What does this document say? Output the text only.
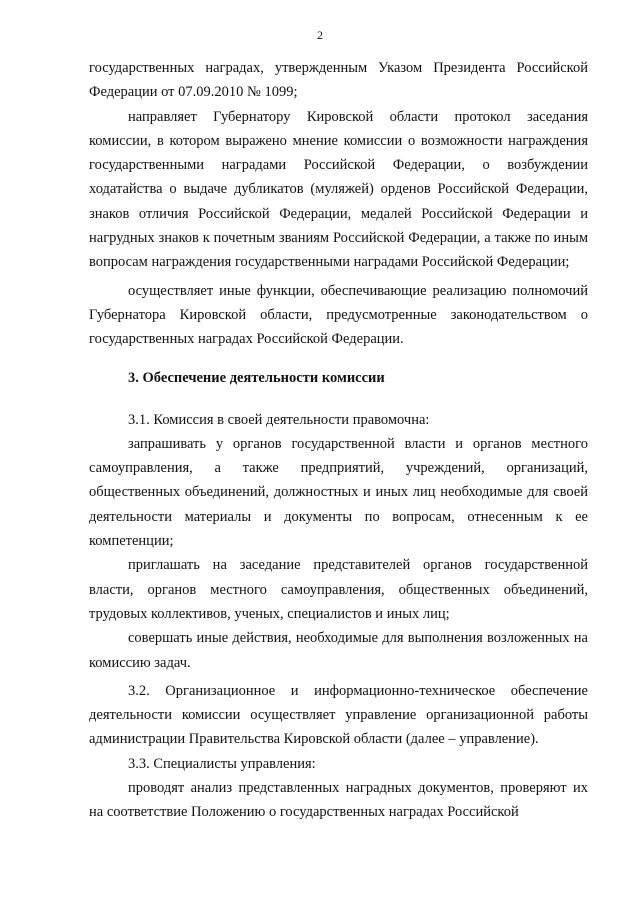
2

государственных наградах, утвержденным Указом Президента Российской Федерации от 07.09.2010 № 1099;

направляет Губернатору Кировской области протокол заседания комиссии, в котором выражено мнение комиссии о возможности награждения государственными наградами Российской Федерации, о возбуждении ходатайства о выдаче дубликатов (муляжей) орденов Российской Федерации, знаков отличия Российской Федерации, медалей Российской Федерации и нагрудных знаков к почетным званиям Российской Федерации, а также по иным вопросам награждения государственными наградами Российской Федерации;

осуществляет иные функции, обеспечивающие реализацию полномочий Губернатора Кировской области, предусмотренные законодательством о государственных наградах Российской Федерации.

3. Обеспечение деятельности комиссии

3.1. Комиссия в своей деятельности правомочна:

запрашивать у органов государственной власти и органов местного самоуправления, а также предприятий, учреждений, организаций, общественных объединений, должностных и иных лиц необходимые для своей деятельности материалы и документы по вопросам, отнесенным к ее компетенции;

приглашать на заседание представителей органов государственной власти, органов местного самоуправления, общественных объединений, трудовых коллективов, ученых, специалистов и иных лиц;

совершать иные действия, необходимые для выполнения возложенных на комиссию задач.

3.2. Организационное и информационно-техническое обеспечение деятельности комиссии осуществляет управление организационной работы администрации Правительства Кировской области (далее – управление).

3.3. Специалисты управления:

проводят анализ представленных наградных документов, проверяют их на соответствие Положению о государственных наградах Российской
